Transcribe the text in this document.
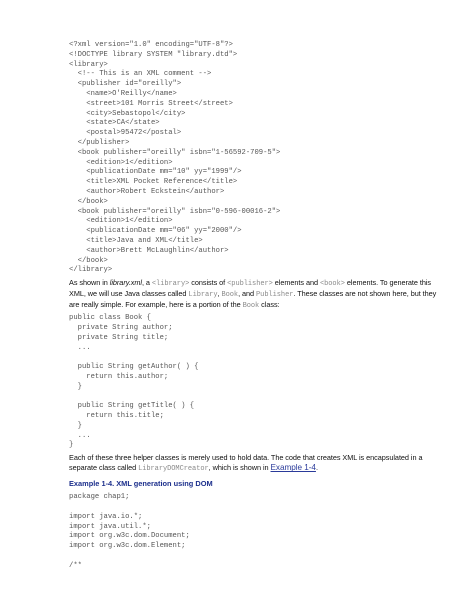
<?xml version="1.0" encoding="UTF-8"?>
<!DOCTYPE library SYSTEM "library.dtd">
<library>
<!-- This is an XML comment -->
<publisher id="oreilly">
<name>O'Reilly</name>
<street>101 Morris Street</street>
<city>Sebastopol</city>
<state>CA</state>
<postal>95472</postal>
</publisher>
<book publisher="oreilly" isbn="1-56592-709-5">
<edition>1</edition>
<publicationDate mm="10" yy="1999"/>
<title>XML Pocket Reference</title>
<author>Robert Eckstein</author>
</book>
<book publisher="oreilly" isbn="0-596-00016-2">
<edition>1</edition>
<publicationDate mm="06" yy="2000"/>
<title>Java and XML</title>
<author>Brett McLaughlin</author>
</book>
</library>

As shown in library.xml, a <library> consists of <publisher> elements and <book> elements. To generate this XML, we will use Java classes called Library, Book, and Publisher. These classes are not shown here, but they are really simple. For example, here is a portion of the Book class:

public class Book {
private String author;
private String title;
...

public String getAuthor( ) {
return this.author;
}

public String getTitle( ) {
return this.title;
}
...
}

Each of these three helper classes is merely used to hold data. The code that creates XML is encapsulated in a separate class called LibraryDOMCreator, which is shown in Example 1-4.

Example 1-4. XML generation using DOM
package chap1;

import java.io.*;
import java.util.*;
import org.w3c.dom.Document;
import org.w3c.dom.Element;

/**
